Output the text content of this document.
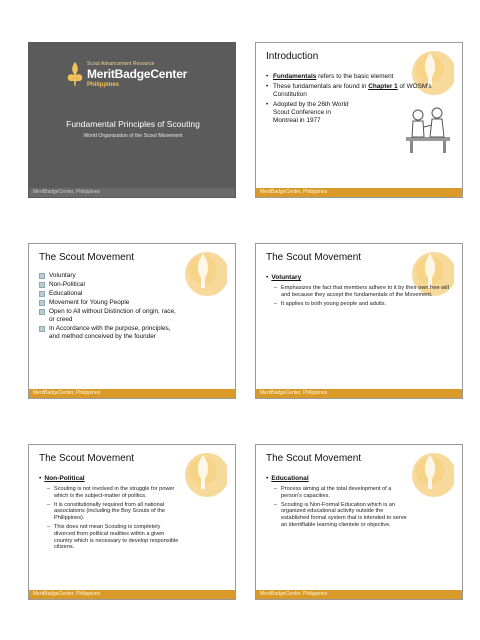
Scout Advancement Resource
MeritBadgeCenter
Philippines
Fundamental Principles of Scouting
World Organization of the Scout Movement
MeritBadgeCenter, Philippines
Introduction
• Fundamentals refers to the basic element
• These fundamentals are found in Chapter 1 of WOSM's Constitution
• Adopted by the 26th World
Scout Conference in
Montreal in 1977
MeritBadgeCenter, Philippines
The Scout Movement
Voluntary
Non-Political
Educational
Movement for Young People
Open to All without Distinction of origin, race, or creed
In Accordance with the purpose, principles, and method conceived by the founder
MeritBadgeCenter, Philippines
The Scout Movement
• Voluntary
– Emphasizes the fact that members adhere to it by their own free will and because they accept the fundamentals of the Movement.
– It applies to both young people and adults.
MeritBadgeCenter, Philippines
The Scout Movement
• Non-Political
– Scouting is not involved in the struggle for power which is the subject-matter of politics.
– It is constitutionally required from all national associations (including the Boy Scouts of the Philippines).
– This does not mean Scouting is completely divorced from political realities within a given country which is necessary to develop responsible citizens.
MeritBadgeCenter, Philippines
The Scout Movement
• Educational
– Process aiming at the total development of a person's capacities.
– Scouting is Non-Formal Education which is an organized educational activity outside the established formal system that is intended to serve an identifiable learning clientele or objective.
MeritBadgeCenter, Philippines
